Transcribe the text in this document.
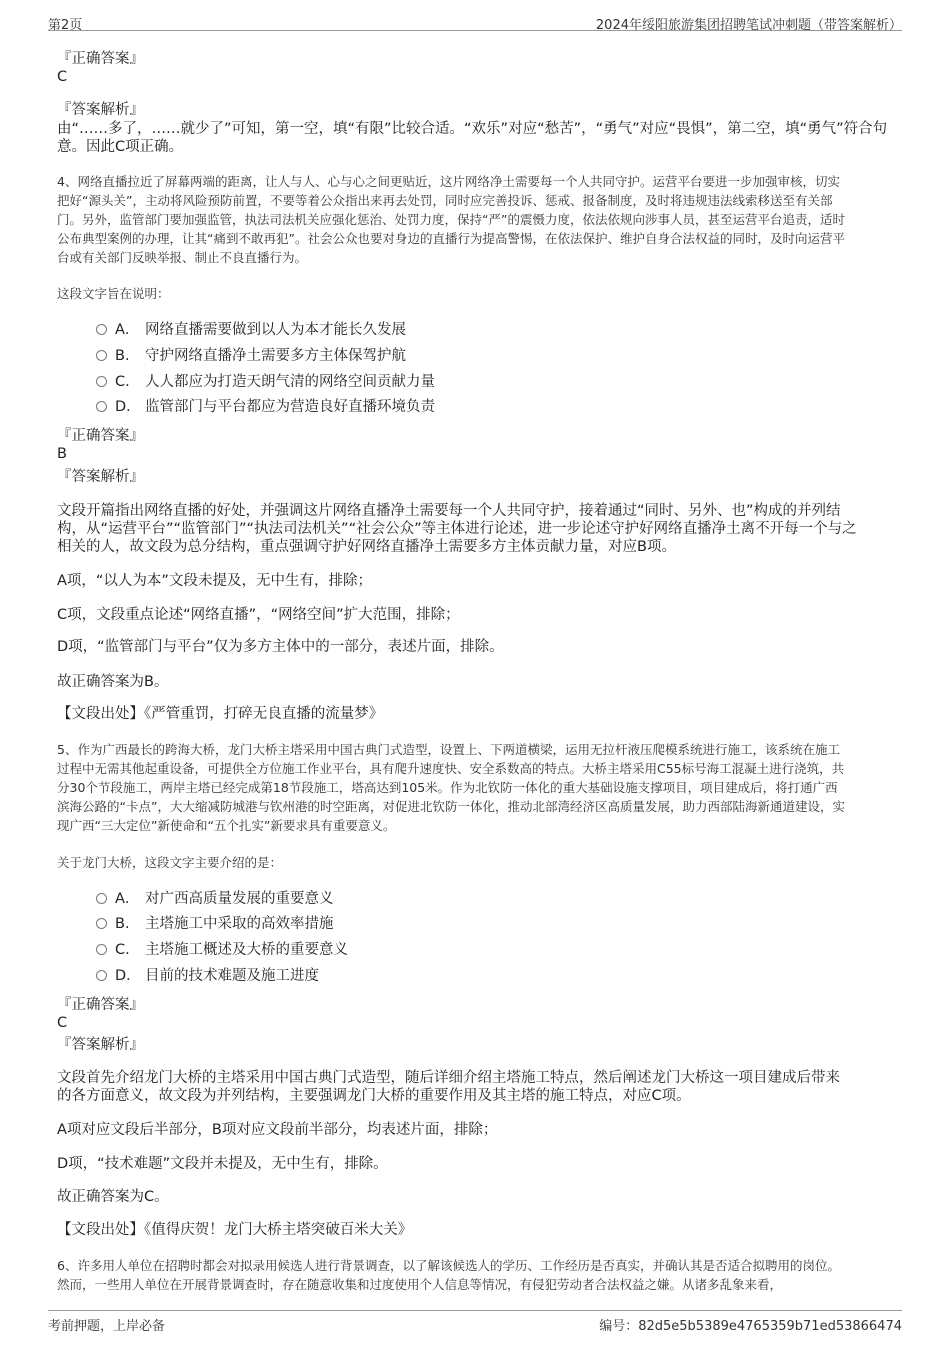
第2页	2024年绥阳旅游集团招聘笔试冲刺题（带答案解析）
『正确答案』
C
『答案解析』
由“……多了，……就少了”可知，第一空，填“有限”比较合适。“欢乐”对应“愁苦”，“勇气”对应“畏惧”，第二空，填“勇气”符合句
意。因此C项正确。
4、网络直播拉近了屏幕两端的距离，让人与人、心与心之间更贴近，这片网络净土需要每一个人共同守护。运营平台要进一步加强审核，切实
把好“源头关”，主动将风险预防前置，不要等着公众指出来再去处罚，同时应完善投诉、惩戒、报备制度，及时将违规违法线索移送至有关部
门。另外，监管部门要加强监管，执法司法机关应强化惩治、处罚力度，保持“严”的震慑力度，依法依规向涉事人员，甚至运营平台追责，适时
公布典型案例的办理，让其“痛到不敢再犯”。社会公众也要对身边的直播行为提高警惕，在依法保护、维护自身合法权益的同时，及时向运营平
台或有关部门反映举报、制止不良直播行为。
这段文字旨在说明：
A． 网络直播需要做到以人为本才能长久发展
B. 守护网络直播净土需要多方主体保驾护航
C． 人人都应为打造天朗气清的网络空间贡献力量
D． 监管部门与平台都应为营造良好直播环境负责
『正确答案』
B
『答案解析』
文段开篇指出网络直播的好处，并强调这片网络直播净土需要每一个人共同守护，接着通过“同时、另外、也”构成的并列结
构，从“运营平台”“监管部门”“执法司法机关”“社会公众”等主体进行论述，进一步论述守护好网络直播净土离不开每一个与之
相关的人，故文段为总分结构，重点强调守护好网络直播净土需要多方主体贡献力量，对应B项。
A项，“以人为本”文段未提及，无中生有，排除；
C项，文段重点论述“网络直播”，“网络空间”扩大范围，排除；
D项，“监管部门与平台”仅为多方主体中的一部分，表述片面，排除。
故正确答案为B。
【文段出处】《严管重罚，打碎无良直播的流量梦》
5、作为广西最长的跨海大桥，龙门大桥主塔采用中国古典门式造型，设置上、下两道横梁，运用无拉杆液压爬模系统进行施工，该系统在施工
过程中无需其他起重设备，可提供全方位施工作业平台，具有爬升速度快、安全系数高的特点。大桥主塔采用C55标号海工混凝土进行浇筑，共
分30个节段施工，两岸主塔已经完成第18节段施工，塔高达到105米。作为北钦防一体化的重大基础设施支撑项目，项目建成后，将打通广西
滨海公路的“卡点”，大大缩减防城港与钦州港的时空距离，对促进北钦防一体化，推动北部湾经济区高质量发展，助力西部陆海新通道建设，实
现广西“三大定位”新使命和“五个扎实”新要求具有重要意义。
关于龙门大桥，这段文字主要介绍的是：
A． 对广西高质量发展的重要意义
B. 主塔施工中采取的高效率措施
C． 主塔施工概述及大桥的重要意义
D． 目前的技术难题及施工进度
『正确答案』
C
『答案解析』
文段首先介绍龙门大桥的主塔采用中国古典门式造型，随后详细介绍主塔施工特点，然后阐述龙门大桥这一项目建成后带来
的各方面意义，故文段为并列结构，主要强调龙门大桥的重要作用及其主塔的施工特点，对应C项。
A项对应文段后半部分，B项对应文段前半部分，均表述片面，排除；
D项，“技术难题”文段并未提及，无中生有，排除。
故正确答案为C。
【文段出处】《值得庆贺！龙门大桥主塔突破百米大关》
6、许多用人单位在招聘时都会对拟录用候选人进行背景调查，以了解该候选人的学历、工作经历是否真实，并确认其是否适合拟聘用的岗位。
然而，一些用人单位在开展背景调查时，存在随意收集和过度使用个人信息等情况，有侵犯劳动者合法权益之嫌。从诸多乱象来看，
考前押题，上岸必备	编号：82d5e5b5389e4765359b71ed53866474
